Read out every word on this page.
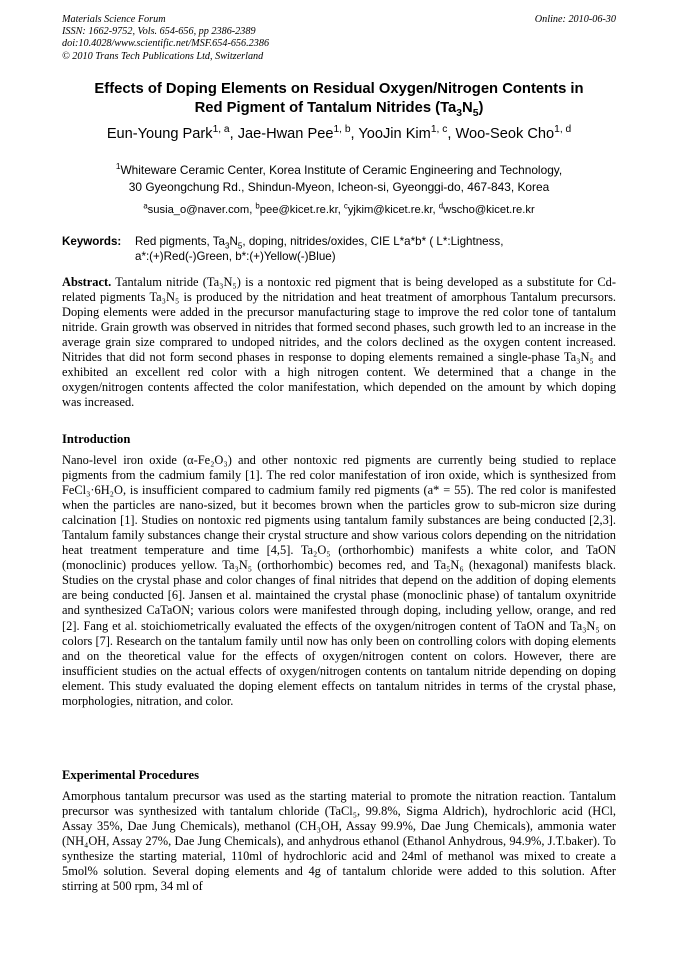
Materials Science Forum
ISSN: 1662-9752, Vols. 654-656, pp 2386-2389
doi:10.4028/www.scientific.net/MSF.654-656.2386
© 2010 Trans Tech Publications Ltd, Switzerland
Online: 2010-06-30
Effects of Doping Elements on Residual Oxygen/Nitrogen Contents in
Red Pigment of Tantalum Nitrides $(Ta_3N_5)$
Eun-Young Park$^{1, a}$, Jae-Hwan Pee$^{1, b}$, YooJin Kim$^{1, c}$, Woo-Seok Cho$^{1, d}$
$^1$Whiteware Ceramic Center, Korea Institute of Ceramic Engineering and Technology,
30 Gyeongchung Rd., Shindun-Myeon, Icheon-si, Gyeonggi-do, 467-843, Korea
$^a$susia_o@naver.com, $^b$pee@kicet.re.kr, $^c$yjkim@kicet.re.kr, $^d$wscho@kicet.re.kr
Keywords: Red pigments, $Ta_3N_5$, doping, nitrides/oxides, CIE L*a*b* ( L*:Lightness,
a*:(+)Red(-)Green, b*:(+)Yellow(-)Blue)
Abstract. Tantalum nitride (Ta₃N₅) is a nontoxic red pigment that is being developed as a substitute for Cd-related pigments Ta₃N₅ is produced by the nitridation and heat treatment of amorphous Tantalum precursors. Doping elements were added in the precursor manufacturing stage to improve the red color tone of tantalum nitride. Grain growth was observed in nitrides that formed second phases, such growth led to an increase in the average grain size comprared to undoped nitrides, and the colors declined as the oxygen content increased. Nitrides that did not form second phases in response to doping elements remained a single-phase Ta₃N₅ and exhibited an excellent red color with a high nitrogen content. We determined that a change in the oxygen/nitrogen contents affected the color manifestation, which depended on the amount by which doping was increased.
Introduction
Nano-level iron oxide (α-Fe₂O₃) and other nontoxic red pigments are currently being studied to replace pigments from the cadmium family [1]. The red color manifestation of iron oxide, which is synthesized from FeCl₃·6H₂O, is insufficient compared to cadmium family red pigments (a* = 55). The red color is manifested when the particles are nano-sized, but it becomes brown when the particles grow to sub-micron size during calcination [1]. Studies on nontoxic red pigments using tantalum family substances are being conducted [2,3]. Tantalum family substances change their crystal structure and show various colors depending on the nitridation heat treatment temperature and time [4,5]. Ta₂O₅ (orthorhombic) manifests a white color, and TaON (monoclinic) produces yellow. Ta₃N₅ (orthorhombic) becomes red, and Ta₅N₆ (hexagonal) manifests black. Studies on the crystal phase and color changes of final nitrides that depend on the addition of doping elements are being conducted [6]. Jansen et al. maintained the crystal phase (monoclinic phase) of tantalum oxynitride and synthesized CaTaON; various colors were manifested through doping, including yellow, orange, and red [2]. Fang et al. stoichiometrically evaluated the effects of the oxygen/nitrogen content of TaON and Ta₃N₅ on colors [7]. Research on the tantalum family until now has only been on controlling colors with doping elements and on the theoretical value for the effects of oxygen/nitrogen content on colors. However, there are insufficient studies on the actual effects of oxygen/nitrogen contents on tantalum nitride depending on doping element. This study evaluated the doping element effects on tantalum nitrides in terms of the crystal phase, morphologies, nitration, and color.
Experimental Procedures
Amorphous tantalum precursor was used as the starting material to promote the nitration reaction. Tantalum precursor was synthesized with tantalum chloride (TaCl₅, 99.8%, Sigma Aldrich), hydrochloric acid (HCl, Assay 35%, Dae Jung Chemicals), methanol (CH₃OH, Assay 99.9%, Dae Jung Chemicals), ammonia water (NH₄OH, Assay 27%, Dae Jung Chemicals), and anhydrous ethanol (Ethanol Anhydrous, 94.9%, J.T.baker). To synthesize the starting material, 110ml of hydrochloric acid and 24ml of methanol was mixed to create a 5mol% solution. Several doping elements and 4g of tantalum chloride were added to this solution. After stirring at 500 rpm, 34 ml of
